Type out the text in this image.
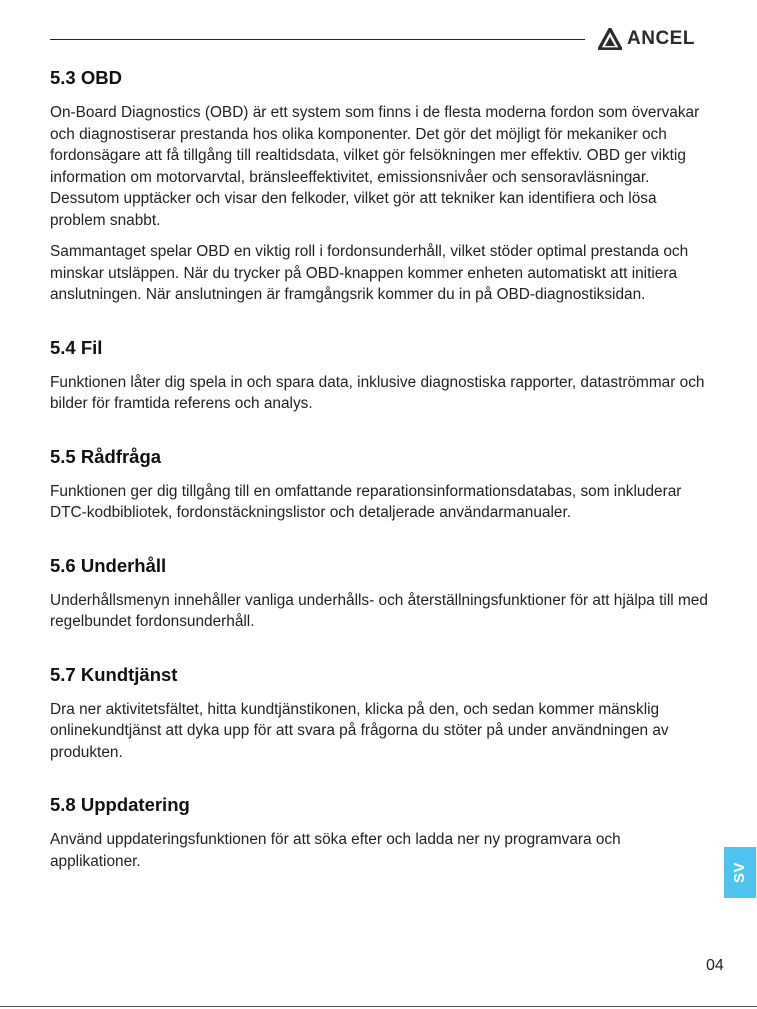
ANCEL
5.3 OBD

On-Board Diagnostics (OBD) är ett system som finns i de flesta moderna fordon som övervakar och diagnostiserar prestanda hos olika komponenter. Det gör det möjligt för mekaniker och fordonsägare att få tillgång till realtidsdata, vilket gör felsökningen mer effektiv. OBD ger viktig information om motorvarvtal, bränsleeffektivitet, emissionsnivåer och sensoravläsningar. Dessutom upptäcker och visar den felkoder, vilket gör att tekniker kan identifiera och lösa problem snabbt.

Sammantaget spelar OBD en viktig roll i fordonsunderhåll, vilket stöder optimal prestanda och minskar utsläppen. När du trycker på OBD-knappen kommer enheten automatiskt att initiera anslutningen. När anslutningen är framgångsrik kommer du in på OBD-diagnostiksidan.

5.4 Fil

Funktionen låter dig spela in och spara data, inklusive diagnostiska rapporter, dataströmmar och bilder för framtida referens och analys.

5.5 Rådfråga

Funktionen ger dig tillgång till en omfattande reparationsinformationsdatabas, som inkluderar DTC-kodbibliotek, fordonstäckningslistor och detaljerade användarmanualer.

5.6 Underhåll

Underhållsmenyn innehåller vanliga underhålls- och återställningsfunktioner för att hjälpa till med regelbundet fordonsunderhåll.

5.7 Kundtjänst

Dra ner aktivitetsfältet, hitta kundtjänstikonen, klicka på den, och sedan kommer mänsklig onlinekundtjänst att dyka upp för att svara på frågorna du stöter på under användningen av produkten.

5.8 Uppdatering

Använd uppdateringsfunktionen för att söka efter och ladda ner ny programvara och applikationer.

SV
04
